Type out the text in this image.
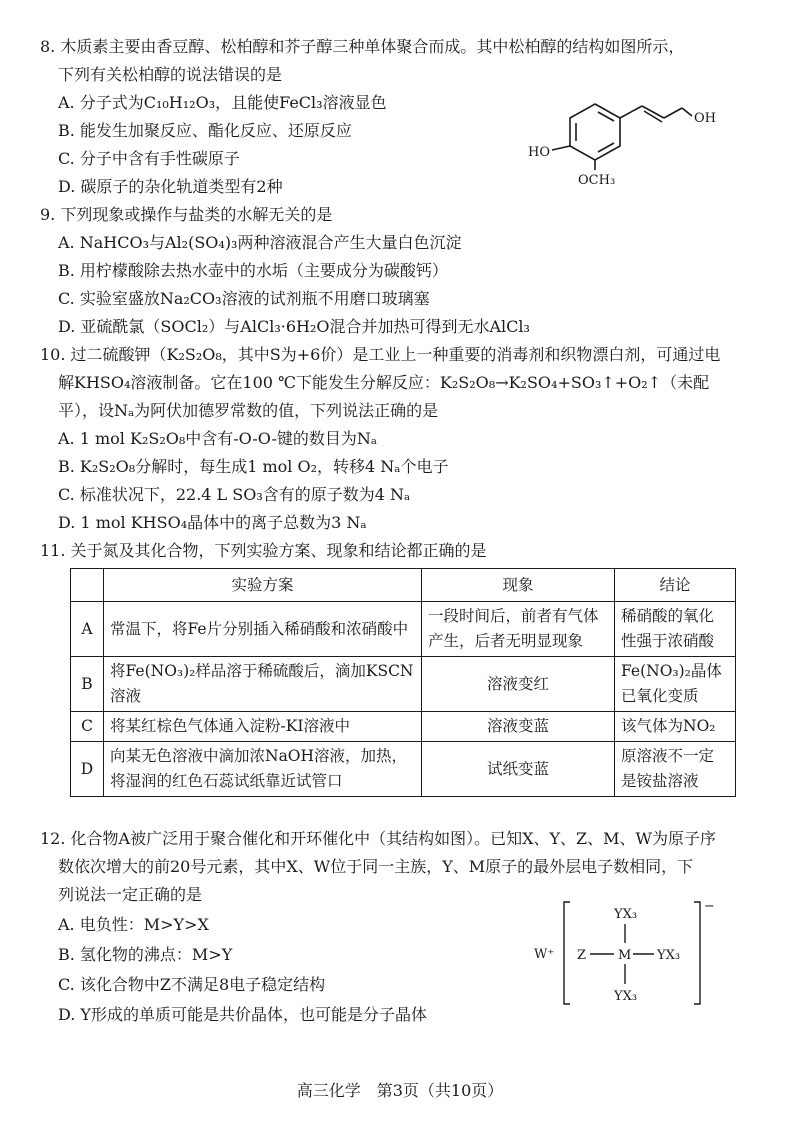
8. 木质素主要由香豆醇、松柏醇和芥子醇三种单体聚合而成。其中松柏醇的结构如图所示，
下列有关松柏醇的说法错误的是
A. 分子式为C₁₀H₁₂O₃，且能使FeCl₃溶液显色
B. 能发生加聚反应、酯化反应、还原反应
C. 分子中含有手性碳原子
D. 碳原子的杂化轨道类型有2种
OH
HO
OCH₃
9. 下列现象或操作与盐类的水解无关的是
A. NaHCO₃与Al₂(SO₄)₃两种溶液混合产生大量白色沉淀
B. 用柠檬酸除去热水壶中的水垢（主要成分为碳酸钙）
C. 实验室盛放Na₂CO₃溶液的试剂瓶不用磨口玻璃塞
D. 亚硫酰氯（SOCl₂）与AlCl₃·6H₂O混合并加热可得到无水AlCl₃
10. 过二硫酸钾（K₂S₂O₈，其中S为+6价）是工业上一种重要的消毒剂和织物漂白剂，可通过电
解KHSO₄溶液制备。它在100 ℃下能发生分解反应：K₂S₂O₈→K₂SO₄+SO₃↑+O₂↑（未配
平），设Nₐ为阿伏加德罗常数的值，下列说法正确的是
A. 1 mol K₂S₂O₈中含有-O-O-键的数目为Nₐ
B. K₂S₂O₈分解时，每生成1 mol O₂，转移4 Nₐ个电子
C. 标准状况下，22.4 L SO₃含有的原子数为4 Nₐ
D. 1 mol KHSO₄晶体中的离子总数为3 Nₐ
11. 关于氮及其化合物，下列实验方案、现象和结论都正确的是
	实验方案	现象	结论
A	常温下，将Fe片分别插入稀硝酸和浓硝酸中	一段时间后，前者有气体产生，后者无明显现象	稀硝酸的氧化性强于浓硝酸
B	将Fe(NO₃)₂样品溶于稀硫酸后，滴加KSCN溶液	溶液变红	Fe(NO₃)₂晶体已氧化变质
C	将某红棕色气体通入淀粉-KI溶液中	溶液变蓝	该气体为NO₂
D	向某无色溶液中滴加浓NaOH溶液，加热，将湿润的红色石蕊试纸靠近试管口	试纸变蓝	原溶液不一定是铵盐溶液
12. 化合物A被广泛用于聚合催化和开环催化中（其结构如图）。已知X、Y、Z、M、W为原子序
数依次增大的前20号元素，其中X、W位于同一主族，Y、M原子的最外层电子数相同，下
列说法一定正确的是
A. 电负性：M>Y>X
B. 氢化物的沸点：M>Y
C. 该化合物中Z不满足8电子稳定结构
D. Y形成的单质可能是共价晶体，也可能是分子晶体
W⁺
−
YX₃
Z M YX₃
YX₃
高三化学　第3页（共10页）
